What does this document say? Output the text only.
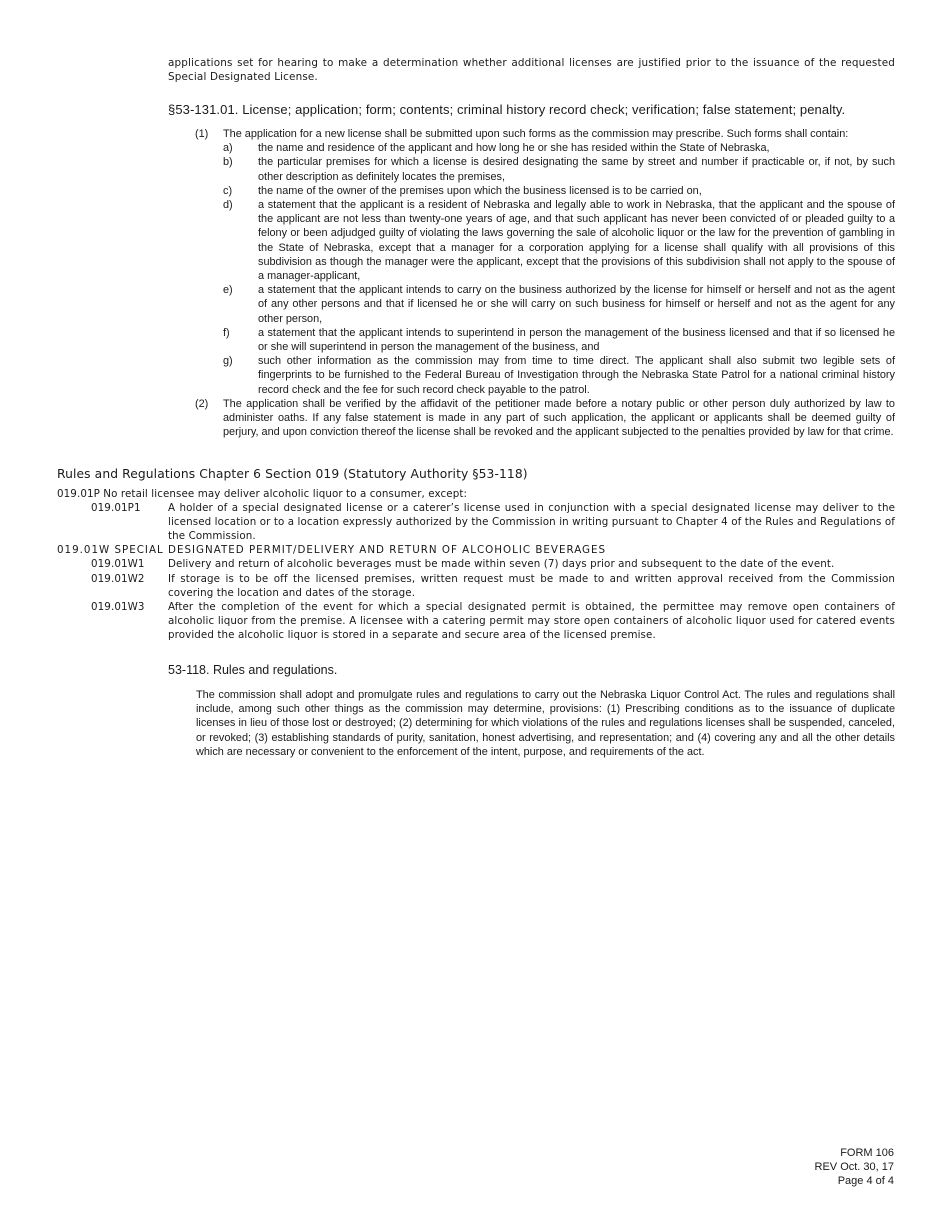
applications set for hearing to make a determination whether additional licenses are justified prior to the issuance of the requested Special Designated License.
§53-131.01. License; application; form; contents; criminal history record check; verification; false statement; penalty.
(1)	The application for a new license shall be submitted upon such forms as the commission may prescribe. Such forms shall contain:
a)	the name and residence of the applicant and how long he or she has resided within the State of Nebraska,
b)	the particular premises for which a license is desired designating the same by street and number if practicable or, if not, by such other description as definitely locates the premises,
c)	the name of the owner of the premises upon which the business licensed is to be carried on,
d)	a statement that the applicant is a resident of Nebraska and legally able to work in Nebraska, that the applicant and the spouse of the applicant are not less than twenty-one years of age, and that such applicant has never been convicted of or pleaded guilty to a felony or been adjudged guilty of violating the laws governing the sale of alcoholic liquor or the law for the prevention of gambling in the State of Nebraska, except that a manager for a corporation applying for a license shall qualify with all provisions of this subdivision as though the manager were the applicant, except that the provisions of this subdivision shall not apply to the spouse of a manager-applicant,
e)	a statement that the applicant intends to carry on the business authorized by the license for himself or herself and not as the agent of any other persons and that if licensed he or she will carry on such business for himself or herself and not as the agent for any other person,
f)	a statement that the applicant intends to superintend in person the management of the business licensed and that if so licensed he or she will superintend in person the management of the business, and
g)	such other information as the commission may from time to time direct. The applicant shall also submit two legible sets of fingerprints to be furnished to the Federal Bureau of Investigation through the Nebraska State Patrol for a national criminal history record check and the fee for such record check payable to the patrol.
(2)	The application shall be verified by the affidavit of the petitioner made before a notary public or other person duly authorized by law to administer oaths. If any false statement is made in any part of such application, the applicant or applicants shall be deemed guilty of perjury, and upon conviction thereof the license shall be revoked and the applicant subjected to the penalties provided by law for that crime.
Rules and Regulations Chapter 6 Section 019 (Statutory Authority §53-118)
019.01P No retail licensee may deliver alcoholic liquor to a consumer, except:
019.01P1	A holder of a special designated license or a caterer’s license used in conjunction with a special designated license may deliver to the licensed location or to a location expressly authorized by the Commission in writing pursuant to Chapter 4 of the Rules and Regulations of the Commission.
019.01W SPECIAL DESIGNATED PERMIT/DELIVERY AND RETURN OF ALCOHOLIC BEVERAGES
019.01W1	Delivery and return of alcoholic beverages must be made within seven (7) days prior and subsequent to the date of the event.
019.01W2	If storage is to be off the licensed premises, written request must be made to and written approval received from the Commission covering the location and dates of the storage.
019.01W3	After the completion of the event for which a special designated permit is obtained, the permittee may remove open containers of alcoholic liquor from the premise. A licensee with a catering permit may store open containers of alcoholic liquor used for catered events provided the alcoholic liquor is stored in a separate and secure area of the licensed premise.
53-118. Rules and regulations.
The commission shall adopt and promulgate rules and regulations to carry out the Nebraska Liquor Control Act. The rules and regulations shall include, among such other things as the commission may determine, provisions: (1) Prescribing conditions as to the issuance of duplicate licenses in lieu of those lost or destroyed; (2) determining for which violations of the rules and regulations licenses shall be suspended, canceled, or revoked; (3) establishing standards of purity, sanitation, honest advertising, and representation; and (4) covering any and all the other details which are necessary or convenient to the enforcement of the intent, purpose, and requirements of the act.
FORM 106
REV Oct. 30, 17
Page 4 of 4
